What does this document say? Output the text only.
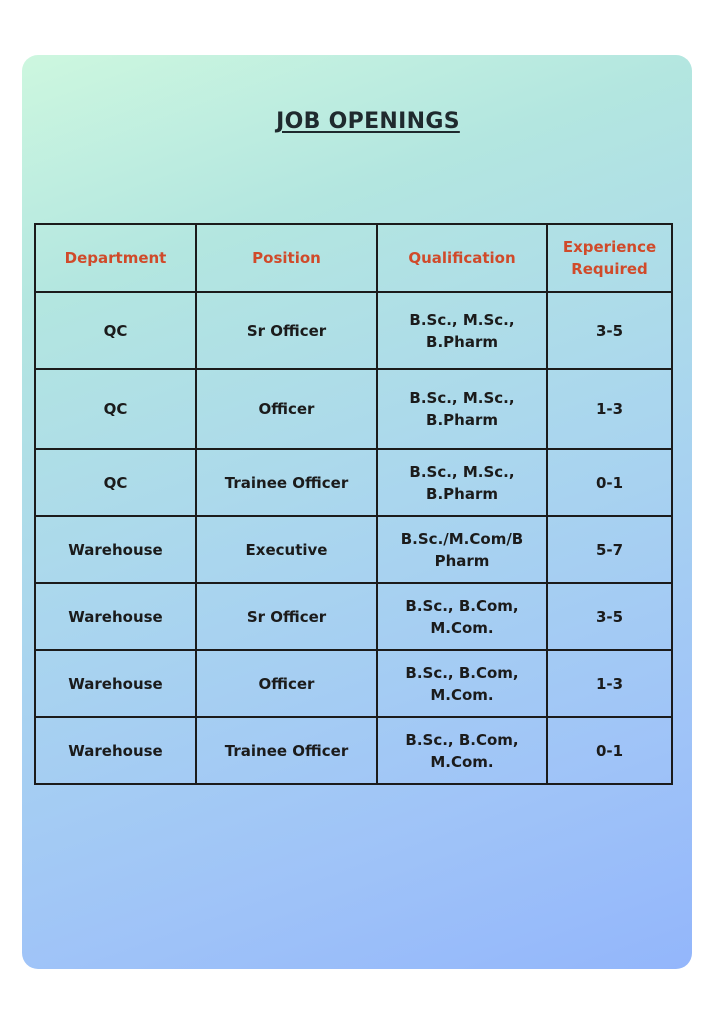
JOB OPENINGS
Department	Position	Qualification	Experience Required
QC	Sr Officer	B.Sc., M.Sc., B.Pharm	3-5
QC	Officer	B.Sc., M.Sc., B.Pharm	1-3
QC	Trainee Officer	B.Sc., M.Sc., B.Pharm	0-1
Warehouse	Executive	B.Sc./M.Com/B Pharm	5-7
Warehouse	Sr Officer	B.Sc., B.Com, M.Com.	3-5
Warehouse	Officer	B.Sc., B.Com, M.Com.	1-3
Warehouse	Trainee Officer	B.Sc., B.Com, M.Com.	0-1
